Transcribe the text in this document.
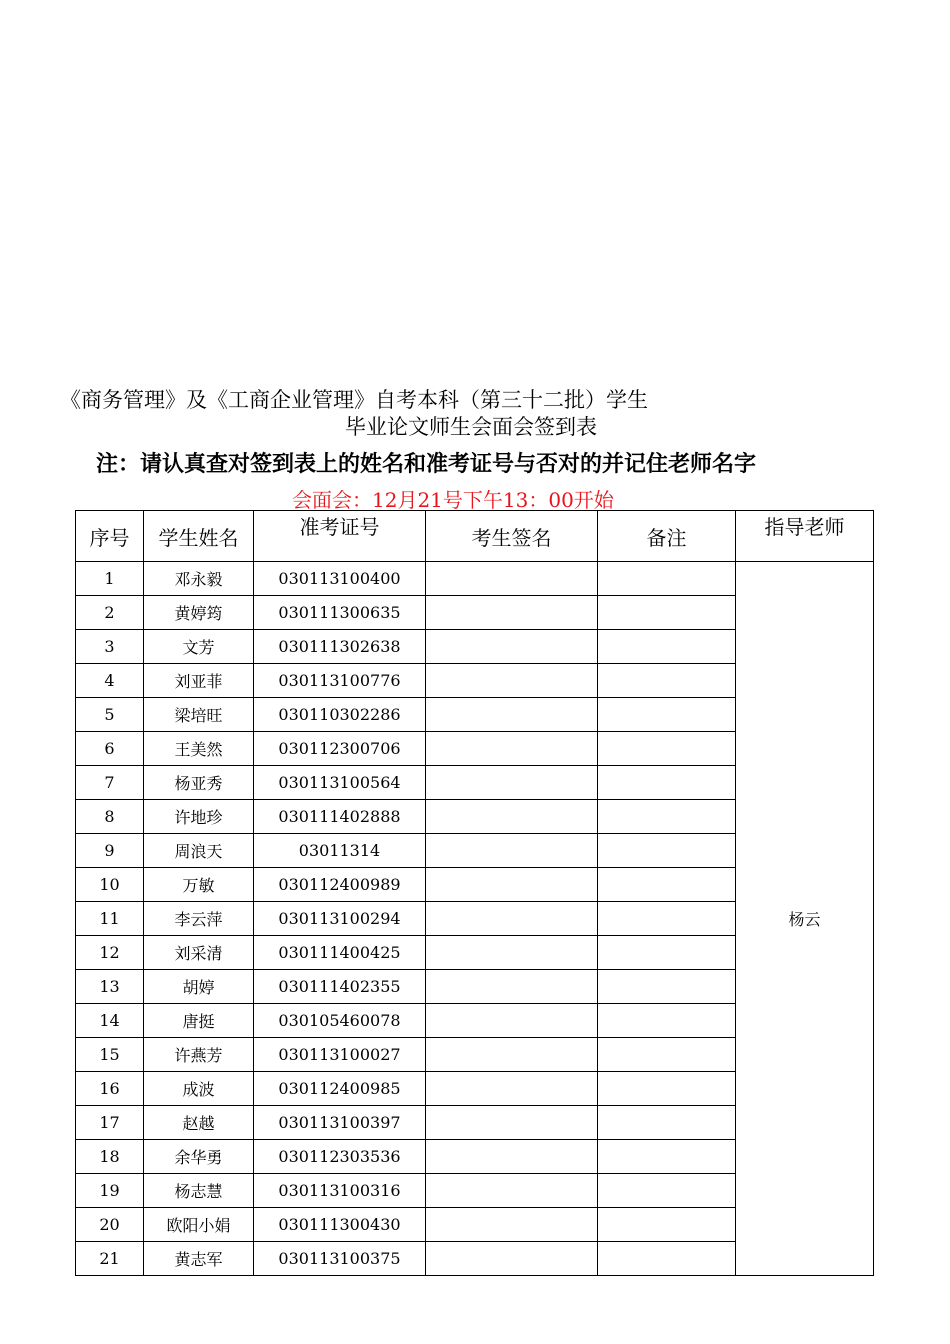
《商务管理》及《工商企业管理》自考本科（第三十二批）学生
毕业论文师生会面会签到表
注：请认真查对签到表上的姓名和准考证号与否对的并记住老师名字
会面会：12月21号下午13：00开始
序号	学生姓名	准考证号	考生签名	备注	指导老师
1	邓永毅	030113100400			杨云
2	黄婷筠	030111300635			
3	文芳	030111302638			
4	刘亚菲	030113100776			
5	梁培旺	030110302286			
6	王美然	030112300706			
7	杨亚秀	030113100564			
8	许地珍	030111402888			
9	周浪天	03011314			
10	万敏	030112400989			
11	李云萍	030113100294			
12	刘采清	030111400425			
13	胡婷	030111402355			
14	唐挺	030105460078			
15	许燕芳	030113100027			
16	成波	030112400985			
17	赵越	030113100397			
18	余华勇	030112303536			
19	杨志慧	030113100316			
20	欧阳小娟	030111300430			
21	黄志军	030113100375			
